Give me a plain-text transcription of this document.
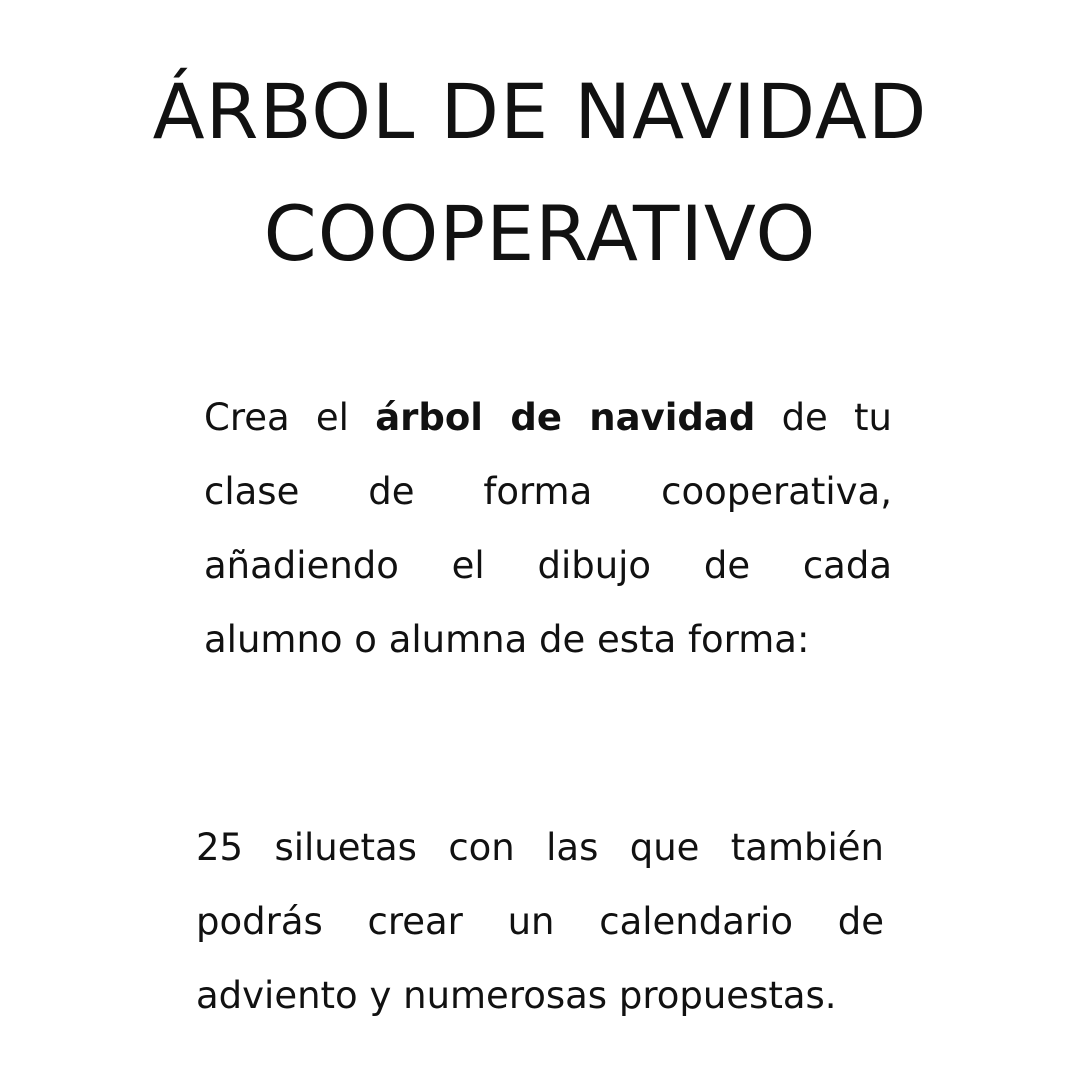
ÁRBOL DE NAVIDAD
COOPERATIVO
Crea el árbol de navidad de tu
clase de forma cooperativa,
añadiendo el dibujo de cada
alumno o alumna de esta forma:
25 siluetas con las que también
podrás crear un calendario de
adviento y numerosas propuestas.
